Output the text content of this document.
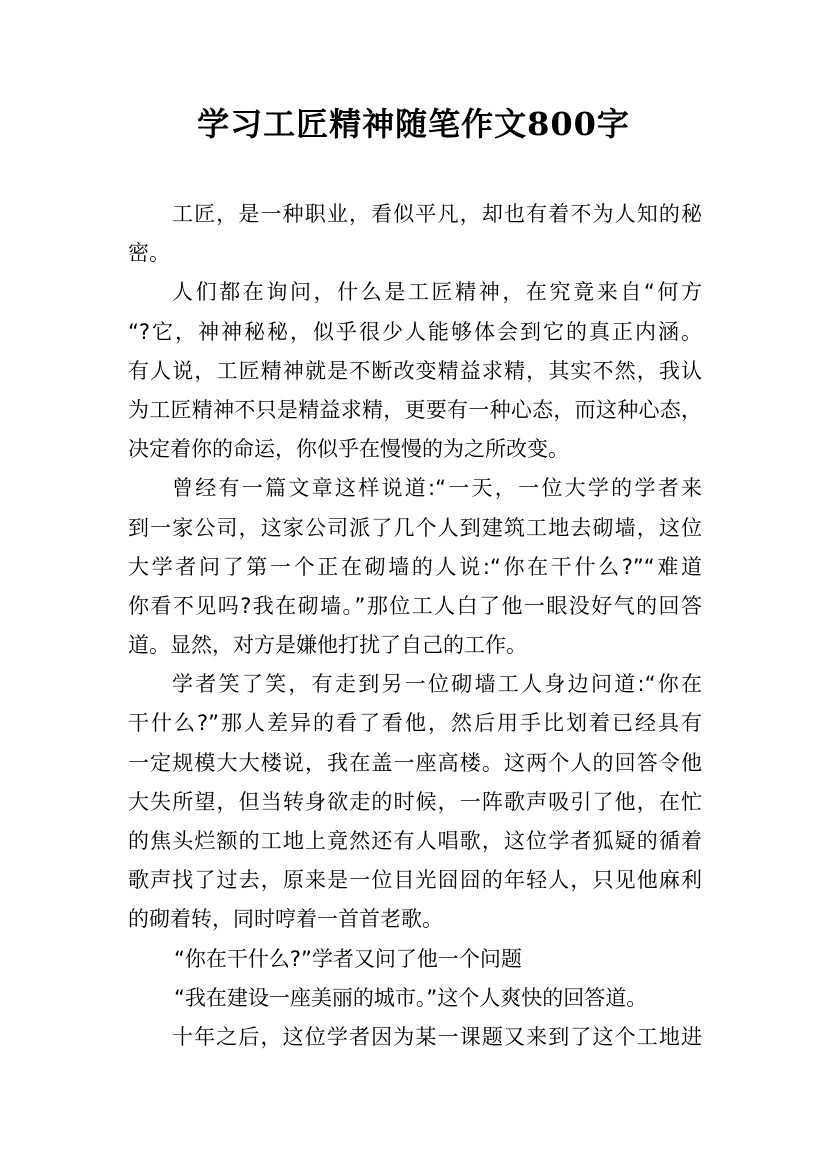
学习工匠精神随笔作文800字
工匠，是一种职业，看似平凡，却也有着不为人知的秘
密。
人们都在询问，什么是工匠精神，在究竟来自“何方
“?它，神神秘秘，似乎很少人能够体会到它的真正内涵。
有人说，工匠精神就是不断改变精益求精，其实不然，我认
为工匠精神不只是精益求精，更要有一种心态，而这种心态，
决定着你的命运，你似乎在慢慢的为之所改变。
曾经有一篇文章这样说道:“一天，一位大学的学者来
到一家公司，这家公司派了几个人到建筑工地去砌墙，这位
大学者问了第一个正在砌墙的人说:“你在干什么?”“难道
你看不见吗?我在砌墙。”那位工人白了他一眼没好气的回答
道。显然，对方是嫌他打扰了自己的工作。
学者笑了笑，有走到另一位砌墙工人身边问道:“你在
干什么?”那人差异的看了看他，然后用手比划着已经具有
一定规模大大楼说，我在盖一座高楼。这两个人的回答令他
大失所望，但当转身欲走的时候，一阵歌声吸引了他，在忙
的焦头烂额的工地上竟然还有人唱歌，这位学者狐疑的循着
歌声找了过去，原来是一位目光囧囧的年轻人，只见他麻利
的砌着转，同时哼着一首首老歌。
“你在干什么?”学者又问了他一个问题
“我在建设一座美丽的城市。”这个人爽快的回答道。
十年之后，这位学者因为某一课题又来到了这个工地进
